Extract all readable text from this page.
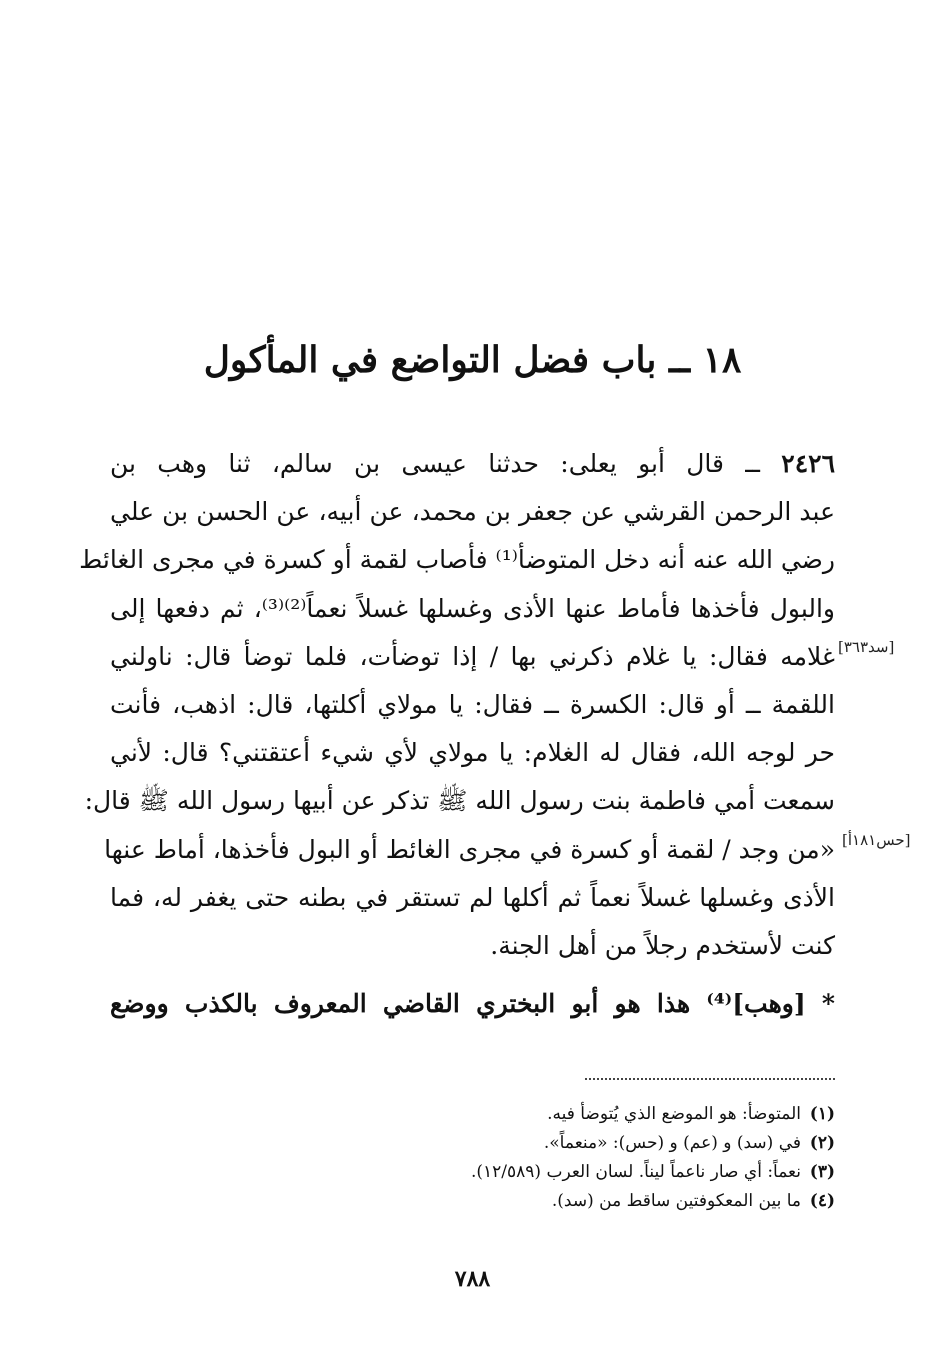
١٨ ــ باب فضل التواضع في المأكول
[سد٣٦٣]
[حس١٨١أ]

٢٤٢٦ ــ قال أبو يعلى: حدثنا عيسى بن سالم، ثنا وهب بن
عبد الرحمن القرشي عن جعفر بن محمد، عن أبيه، عن الحسن بن علي
رضي الله عنه أنه دخل المتوضأ⁽¹⁾ فأصاب لقمة أو كسرة في مجرى الغائط
والبول فأخذها فأماط عنها الأذى وغسلها غسلاً نعماً⁽²⁾⁽³⁾، ثم دفعها إلى
غلامه فقال: يا غلام ذكرني بها / إذا توضأت، فلما توضأ قال: ناولني
اللقمة ــ أو قال: الكسرة ــ فقال: يا مولاي أكلتها، قال: اذهب، فأنت
حر لوجه الله، فقال له الغلام: يا مولاي لأي شيء أعتقتني؟ قال: لأني
سمعت أمي فاطمة بنت رسول الله ﷺ تذكر عن أبيها رسول الله ﷺ قال:
«من وجد / لقمة أو كسرة في مجرى الغائط أو البول فأخذها، أماط عنها
الأذى وغسلها غسلاً نعماً ثم أكلها لم تستقر في بطنه حتى يغفر له، فما
كنت لأستخدم رجلاً من أهل الجنة.

* [وهب]⁽⁴⁾ هذا هو أبو البختري القاضي المعروف بالكذب ووضع
(١)المتوضأ: هو الموضع الذي يُتوضأ فيه.
(٢)في (سد) و (عم) و (حس): «منعماً».
(٣)نعماً: أي صار ناعماً ليناً. لسان العرب (١٢/٥٨٩).
(٤)ما بين المعكوفتين ساقط من (سد).
٧٨٨
